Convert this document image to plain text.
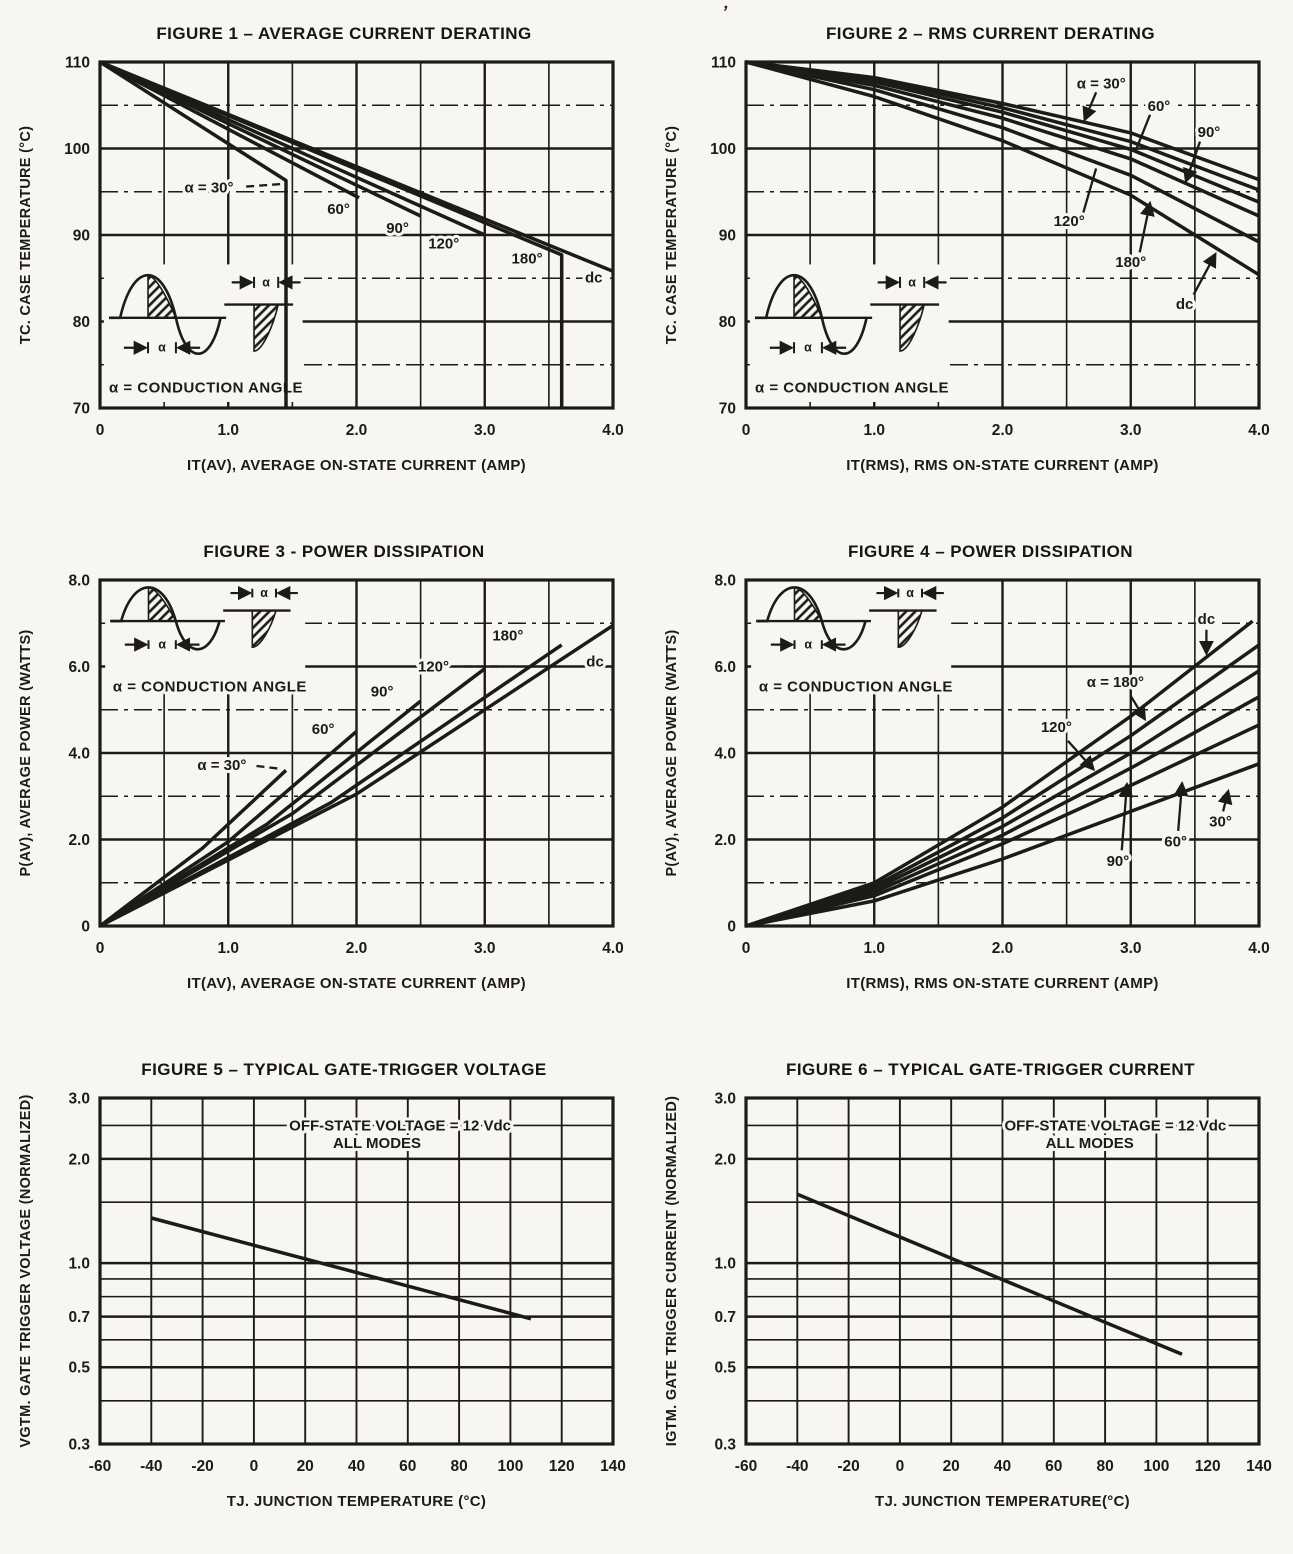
ʼ
FIGURE 1 – AVERAGE CURRENT DERATING
α
α
α = CONDUCTION ANGLE
α = 30°
60°
90°
120°
180°
dc
0	1.0	2.0	3.0	4.0
70
80
90
100
110
IT(AV), AVERAGE ON-STATE CURRENT (AMP)
TC. CASE TEMPERATURE (°C)
FIGURE 2 – RMS CURRENT DERATING
α
α
α = CONDUCTION ANGLE
α = 30°
60°
90°
120°
180°
dc
0	1.0	2.0	3.0	4.0
70
80
90
100
110
IT(RMS), RMS ON-STATE CURRENT (AMP)
TC. CASE TEMPERATURE (°C)
FIGURE 3 - POWER DISSIPATION
α
α
α = CONDUCTION ANGLE
α = 30°
60°
90°
120°
180°
dc
0	1.0	2.0	3.0	4.0
0
2.0
4.0
6.0
8.0
IT(AV), AVERAGE ON-STATE CURRENT (AMP)
P(AV), AVERAGE POWER (WATTS)
FIGURE 4 – POWER DISSIPATION
α
α
α = CONDUCTION ANGLE
dc
α = 180°
120°
90°
60°
30°
0	1.0	2.0	3.0	4.0
0
2.0
4.0
6.0
8.0
IT(RMS), RMS ON-STATE CURRENT (AMP)
P(AV), AVERAGE POWER (WATTS)
FIGURE 5 – TYPICAL GATE-TRIGGER VOLTAGE
OFF-STATE VOLTAGE = 12 Vdc
ALL MODES
-60 -40 -20 0 20 40 60 80 100 120 140
0.3
0.5
0.7
1.0
2.0
3.0
TJ. JUNCTION TEMPERATURE (°C)
VGTM. GATE TRIGGER VOLTAGE (NORMALIZED)
FIGURE 6 – TYPICAL GATE-TRIGGER CURRENT
OFF-STATE VOLTAGE = 12 Vdc
ALL MODES
-60 -40 -20 0 20 40 60 80 100 120 140
0.3
0.5
0.7
1.0
2.0
3.0
TJ. JUNCTION TEMPERATURE(°C)
IGTM. GATE TRIGGER CURRENT (NORMALIZED)
